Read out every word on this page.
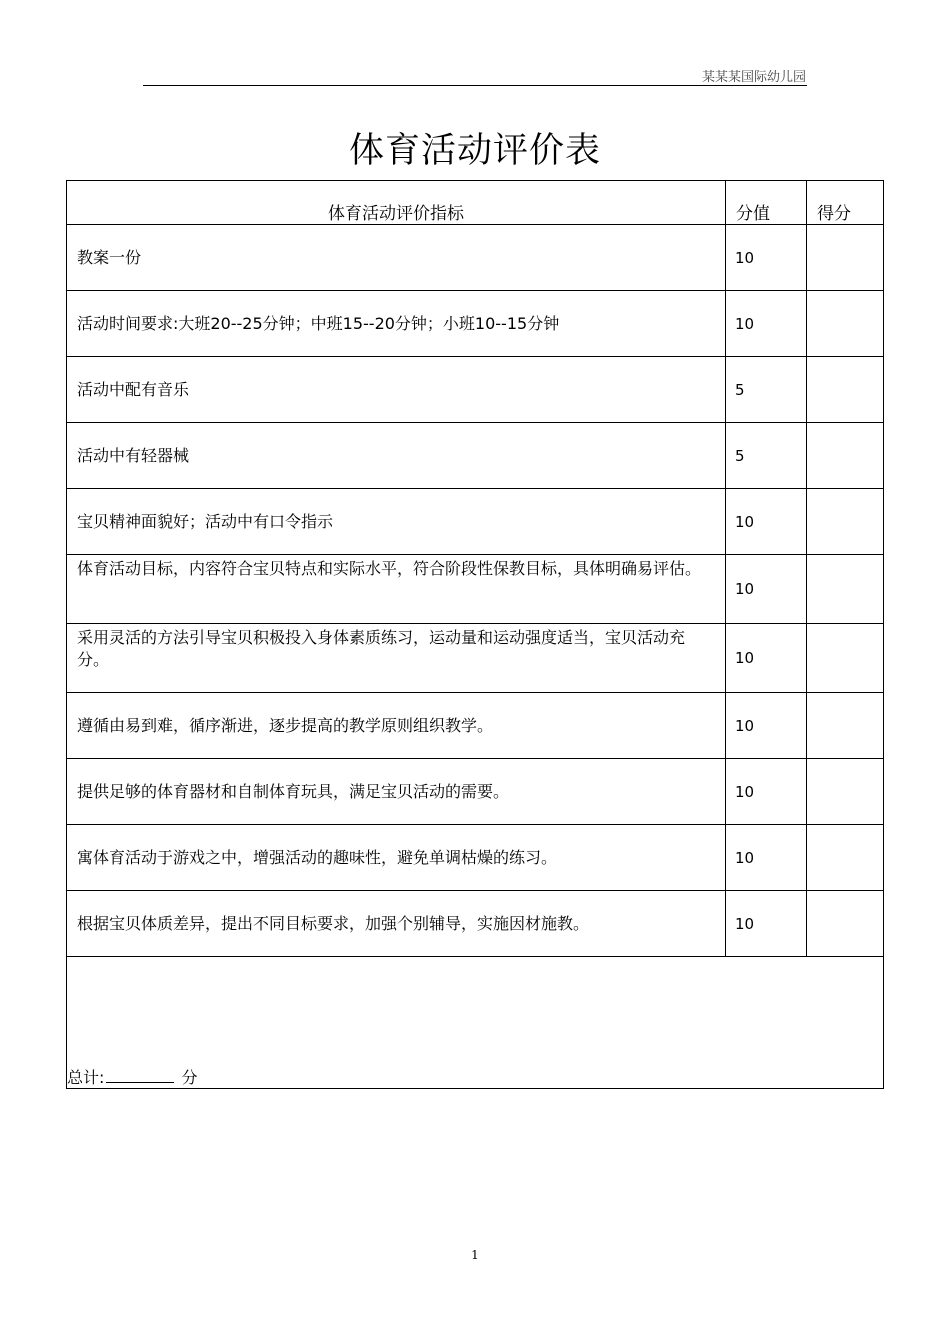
某某某国际幼儿园
体育活动评价表
体育活动评价指标	分值	得分
教案一份	10	
活动时间要求:大班20--25分钟；中班15--20分钟；小班10--15分钟	10	
活动中配有音乐	5	
活动中有轻器械	5	
宝贝精神面貌好；活动中有口令指示	10	
体育活动目标，内容符合宝贝特点和实际水平，符合阶段性保教目标，具体明确易评估。	10	
采用灵活的方法引导宝贝积极投入身体素质练习，运动量和运动强度适当，宝贝活动充分。	10	
遵循由易到难，循序渐进，逐步提高的教学原则组织教学。	10	
提供足够的体育器材和自制体育玩具，满足宝贝活动的需要。	10	
寓体育活动于游戏之中，增强活动的趣味性，避免单调枯燥的练习。	10	
根据宝贝体质差异，提出不同目标要求，加强个别辅导，实施因材施教。	10	
总计: 分		
1
